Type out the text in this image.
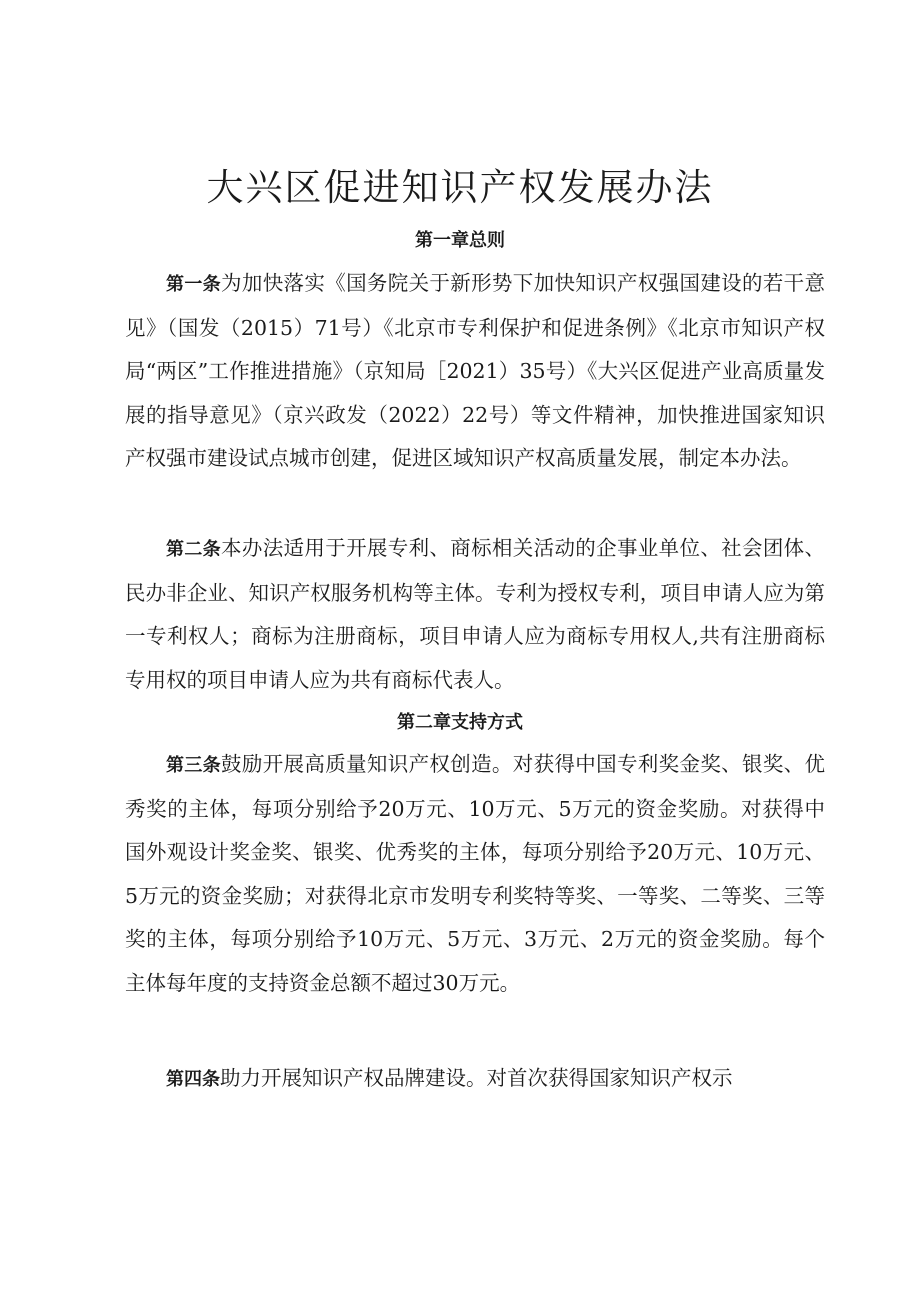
大兴区促进知识产权发展办法
第一章总则

第一条为加快落实《国务院关于新形势下加快知识产权强国建设的若干意见》（国发（2015）71号）《北京市专利保护和促进条例》《北京市知识产权局“两区”工作推进措施》（京知局［2021）35号）《大兴区促进产业高质量发展的指导意见》（京兴政发（2022）22号）等文件精神，加快推进国家知识产权强市建设试点城市创建，促进区域知识产权高质量发展，制定本办法。

第二条本办法适用于开展专利、商标相关活动的企事业单位、社会团体、民办非企业、知识产权服务机构等主体。专利为授权专利，项目申请人应为第一专利权人；商标为注册商标，项目申请人应为商标专用权人,共有注册商标专用权的项目申请人应为共有商标代表人。

第二章支持方式

第三条鼓励开展高质量知识产权创造。对获得中国专利奖金奖、银奖、优秀奖的主体，每项分别给予20万元、10万元、5万元的资金奖励。对获得中国外观设计奖金奖、银奖、优秀奖的主体，每项分别给予20万元、10万元、5万元的资金奖励；对获得北京市发明专利奖特等奖、一等奖、二等奖、三等奖的主体，每项分别给予10万元、5万元、3万元、2万元的资金奖励。每个主体每年度的支持资金总额不超过30万元。

第四条助力开展知识产权品牌建设。对首次获得国家知识产权示
